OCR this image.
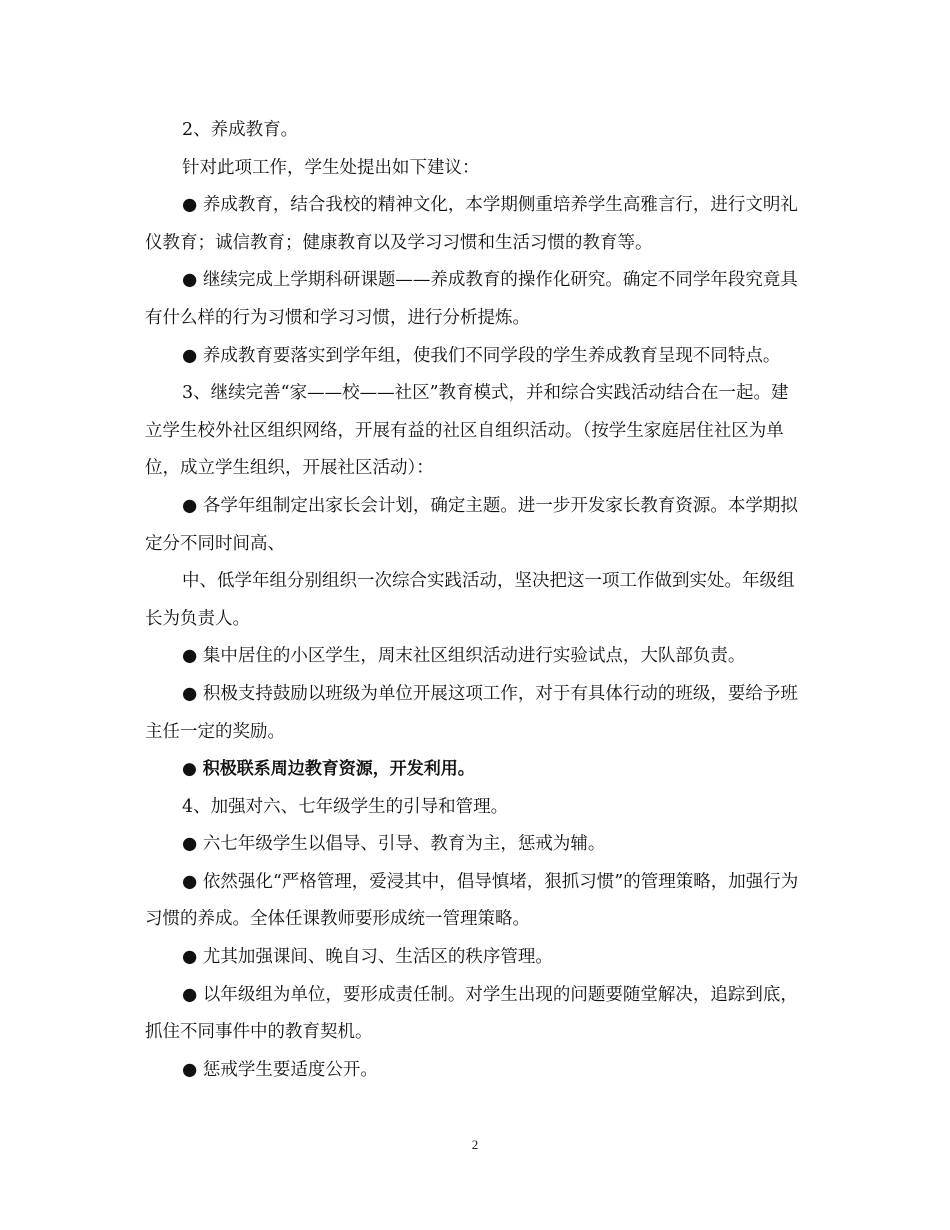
2、养成教育。

针对此项工作，学生处提出如下建议：

● 养成教育，结合我校的精神文化，本学期侧重培养学生高雅言行，进行文明礼仪教育；诚信教育；健康教育以及学习习惯和生活习惯的教育等。

● 继续完成上学期科研课题——养成教育的操作化研究。确定不同学年段究竟具有什么样的行为习惯和学习习惯，进行分析提炼。

● 养成教育要落实到学年组，使我们不同学段的学生养成教育呈现不同特点。

3、继续完善“家——校——社区”教育模式，并和综合实践活动结合在一起。建立学生校外社区组织网络，开展有益的社区自组织活动。（按学生家庭居住社区为单位，成立学生组织，开展社区活动）：

● 各学年组制定出家长会计划，确定主题。进一步开发家长教育资源。本学期拟定分不同时间高、

中、低学年组分别组织一次综合实践活动，坚决把这一项工作做到实处。年级组长为负责人。

● 集中居住的小区学生，周末社区组织活动进行实验试点，大队部负责。

● 积极支持鼓励以班级为单位开展这项工作，对于有具体行动的班级，要给予班主任一定的奖励。

● 积极联系周边教育资源，开发利用。

4、加强对六、七年级学生的引导和管理。

● 六七年级学生以倡导、引导、教育为主，惩戒为辅。

● 依然强化“严格管理，爱浸其中，倡导慎堵，狠抓习惯”的管理策略，加强行为习惯的养成。全体任课教师要形成统一管理策略。

● 尤其加强课间、晚自习、生活区的秩序管理。

● 以年级组为单位，要形成责任制。对学生出现的问题要随堂解决，追踪到底，抓住不同事件中的教育契机。

● 惩戒学生要适度公开。

2
